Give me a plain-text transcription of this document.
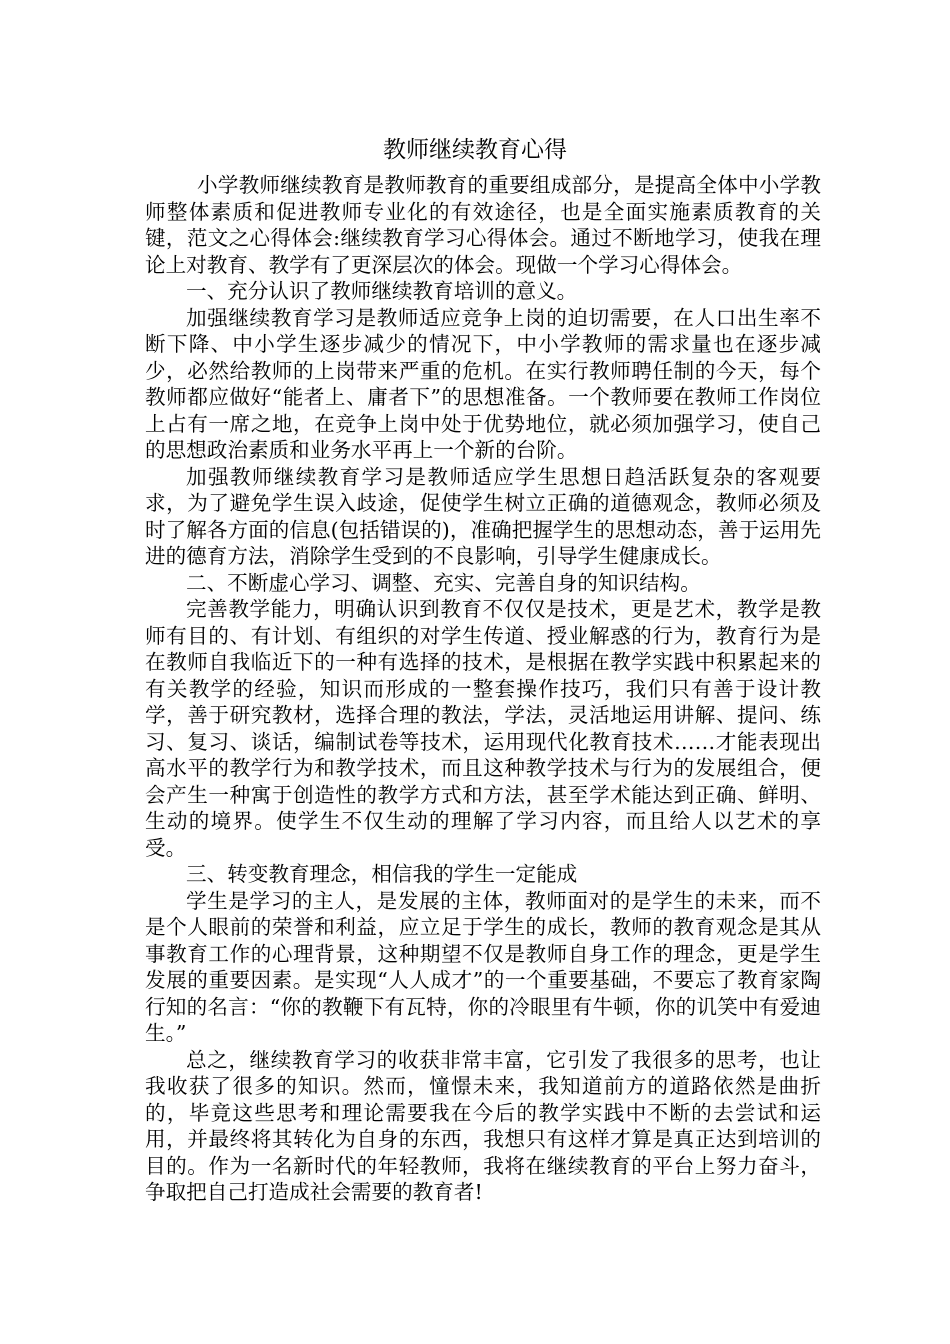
教师继续教育心得

小学教师继续教育是教师教育的重要组成部分，是提高全体中小学教师整体素质和促进教师专业化的有效途径，也是全面实施素质教育的关键，范文之心得体会:继续教育学习心得体会。通过不断地学习，使我在理论上对教育、教学有了更深层次的体会。现做一个学习心得体会。

一、充分认识了教师继续教育培训的意义。

加强继续教育学习是教师适应竞争上岗的迫切需要，在人口出生率不断下降、中小学生逐步减少的情况下，中小学教师的需求量也在逐步减少，必然给教师的上岗带来严重的危机。在实行教师聘任制的今天，每个教师都应做好“能者上、庸者下”的思想准备。一个教师要在教师工作岗位上占有一席之地，在竞争上岗中处于优势地位，就必须加强学习，使自己的思想政治素质和业务水平再上一个新的台阶。

加强教师继续教育学习是教师适应学生思想日趋活跃复杂的客观要求，为了避免学生误入歧途，促使学生树立正确的道德观念，教师必须及时了解各方面的信息(包括错误的)，准确把握学生的思想动态，善于运用先进的德育方法，消除学生受到的不良影响，引导学生健康成长。

二、不断虚心学习、调整、充实、完善自身的知识结构。

完善教学能力，明确认识到教育不仅仅是技术，更是艺术，教学是教师有目的、有计划、有组织的对学生传道、授业解惑的行为，教育行为是在教师自我临近下的一种有选择的技术，是根据在教学实践中积累起来的有关教学的经验，知识而形成的一整套操作技巧，我们只有善于设计教学，善于研究教材，选择合理的教法，学法，灵活地运用讲解、提问、练习、复习、谈话，编制试卷等技术，运用现代化教育技术……才能表现出高水平的教学行为和教学技术，而且这种教学技术与行为的发展组合，便会产生一种寓于创造性的教学方式和方法，甚至学术能达到正确、鲜明、生动的境界。使学生不仅生动的理解了学习内容，而且给人以艺术的享受。

三、转变教育理念，相信我的学生一定能成

学生是学习的主人，是发展的主体，教师面对的是学生的未来，而不是个人眼前的荣誉和利益，应立足于学生的成长，教师的教育观念是其从事教育工作的心理背景，这种期望不仅是教师自身工作的理念，更是学生发展的重要因素。是实现“人人成才”的一个重要基础，不要忘了教育家陶行知的名言：“你的教鞭下有瓦特，你的冷眼里有牛顿，你的讥笑中有爱迪生。”

总之，继续教育学习的收获非常丰富，它引发了我很多的思考，也让我收获了很多的知识。然而，憧憬未来，我知道前方的道路依然是曲折的，毕竟这些思考和理论需要我在今后的教学实践中不断的去尝试和运用，并最终将其转化为自身的东西，我想只有这样才算是真正达到培训的目的。作为一名新时代的年轻教师，我将在继续教育的平台上努力奋斗，争取把自己打造成社会需要的教育者!
